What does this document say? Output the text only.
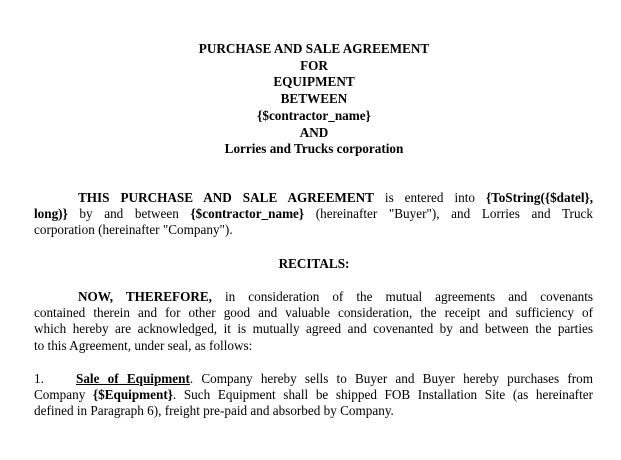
PURCHASE AND SALE AGREEMENT
FOR
EQUIPMENT
BETWEEN
{$contractor_name}
AND
Lorries and Trucks corporation
THIS PURCHASE AND SALE AGREEMENT is entered into {ToString({$datel},
long)} by and between {$contractor_name} (hereinafter "Buyer"), and Lorries and Truck
corporation (hereinafter "Company").
RECITALS:
NOW, THEREFORE, in consideration of the mutual agreements and covenants
contained therein and for other good and valuable consideration, the receipt and sufficiency of
which hereby are acknowledged, it is mutually agreed and covenanted by and between the parties
to this Agreement, under seal, as follows:
1. Sale of Equipment. Company hereby sells to Buyer and Buyer hereby purchases from
Company {$Equipment}. Such Equipment shall be shipped FOB Installation Site (as hereinafter
defined in Paragraph 6), freight pre-paid and absorbed by Company.
